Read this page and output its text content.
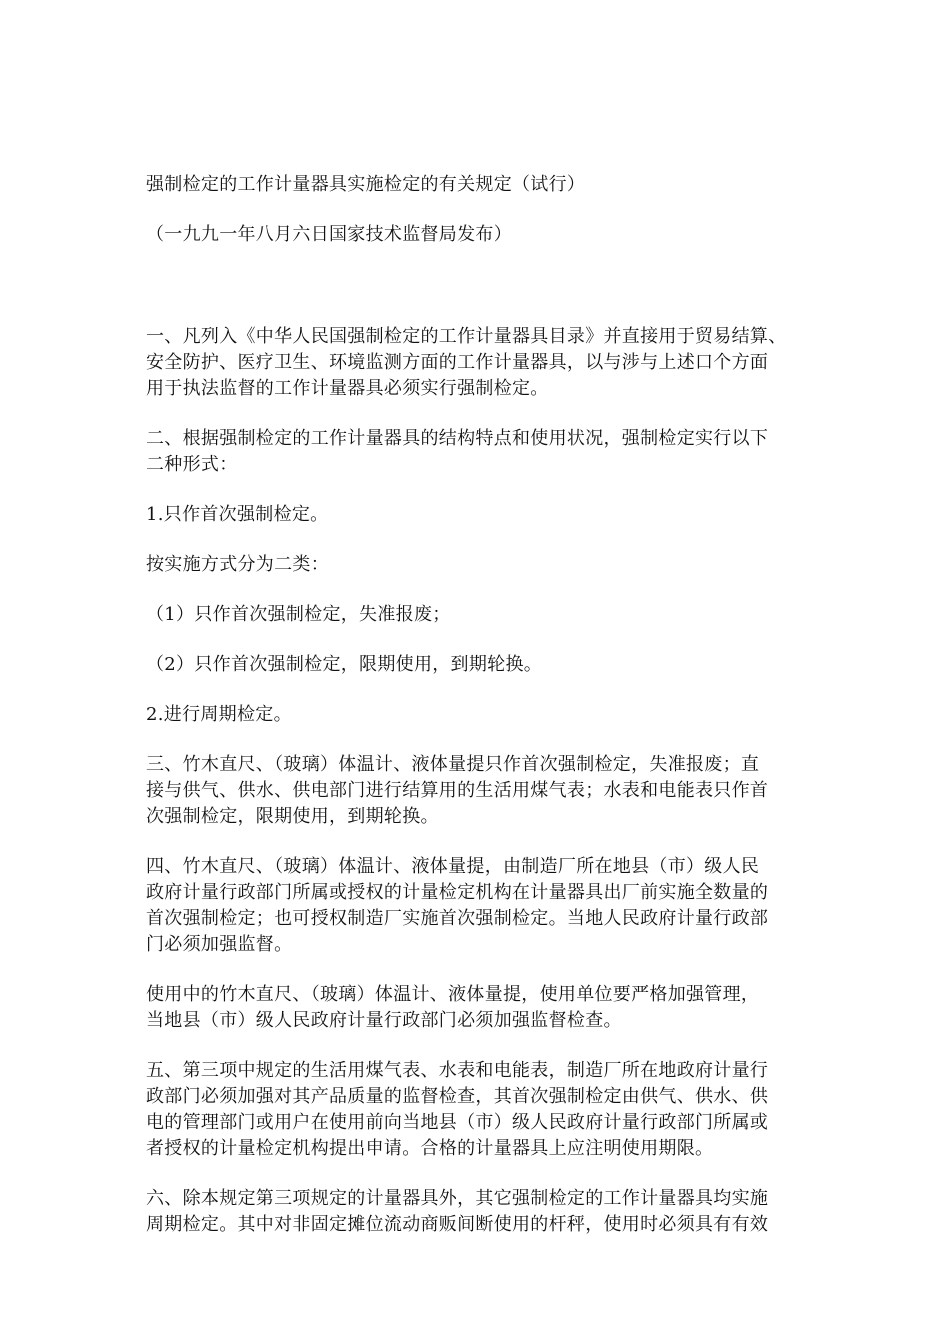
强制检定的工作计量器具实施检定的有关规定（试行）

（一九九一年八月六日国家技术监督局发布）

一、凡列入《中华人民国强制检定的工作计量器具目录》并直接用于贸易结算、
安全防护、医疗卫生、环境监测方面的工作计量器具，以与涉与上述口个方面
用于执法监督的工作计量器具必须实行强制检定。

二、根据强制检定的工作计量器具的结构特点和使用状况，强制检定实行以下
二种形式：

1.只作首次强制检定。

按实施方式分为二类：

（1）只作首次强制检定，失准报废；

（2）只作首次强制检定，限期使用，到期轮换。

2.进行周期检定。

三、竹木直尺、（玻璃）体温计、液体量提只作首次强制检定，失准报废；直
接与供气、供水、供电部门进行结算用的生活用煤气表；水表和电能表只作首
次强制检定，限期使用，到期轮换。

四、竹木直尺、（玻璃）体温计、液体量提，由制造厂所在地县（市）级人民
政府计量行政部门所属或授权的计量检定机构在计量器具出厂前实施全数量的
首次强制检定；也可授权制造厂实施首次强制检定。当地人民政府计量行政部
门必须加强监督。

使用中的竹木直尺、（玻璃）体温计、液体量提，使用单位要严格加强管理，
当地县（市）级人民政府计量行政部门必须加强监督检查。

五、第三项中规定的生活用煤气表、水表和电能表，制造厂所在地政府计量行
政部门必须加强对其产品质量的监督检查，其首次强制检定由供气、供水、供
电的管理部门或用户在使用前向当地县（市）级人民政府计量行政部门所属或
者授权的计量检定机构提出申请。合格的计量器具上应注明使用期限。

六、除本规定第三项规定的计量器具外，其它强制检定的工作计量器具均实施
周期检定。其中对非固定摊位流动商贩间断使用的杆秤，使用时必须具有有效
